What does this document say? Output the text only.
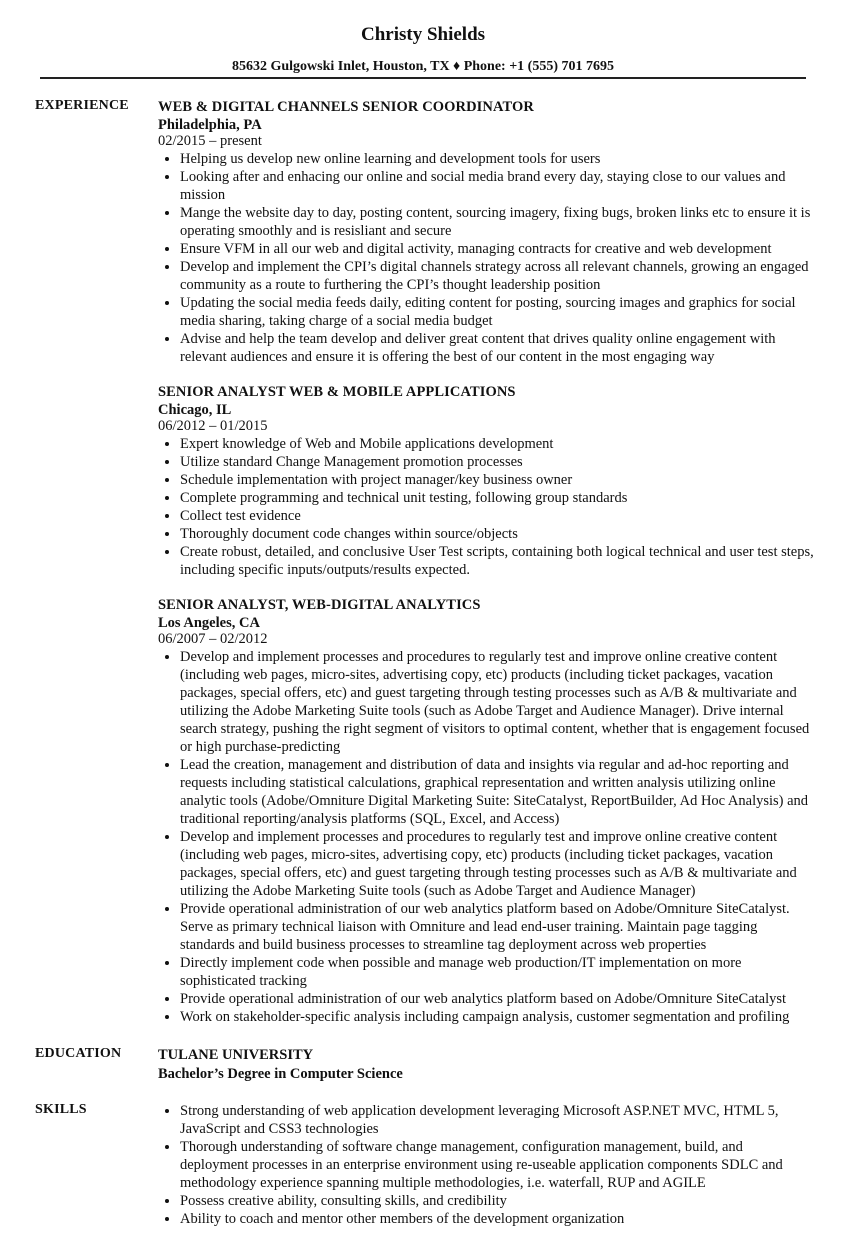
Christy Shields
85632 Gulgowski Inlet, Houston, TX ♦ Phone: +1 (555) 701 7695
EXPERIENCE WEB & DIGITAL CHANNELS SENIOR COORDINATOR
Philadelphia, PA
02/2015 – present
• Helping us develop new online learning and development tools for users
• Looking after and enhacing our online and social media brand every day, staying close to our values and mission
• Mange the website day to day, posting content, sourcing imagery, fixing bugs, broken links etc to ensure it is operating smoothly and is resisliant and secure
• Ensure VFM in all our web and digital activity, managing contracts for creative and web development
• Develop and implement the CPI’s digital channels strategy across all relevant channels, growing an engaged community as a route to furthering the CPI’s thought leadership position
• Updating the social media feeds daily, editing content for posting, sourcing images and graphics for social media sharing, taking charge of a social media budget
• Advise and help the team develop and deliver great content that drives quality online engagement with relevant audiences and ensure it is offering the best of our content in the most engaging way
SENIOR ANALYST WEB & MOBILE APPLICATIONS
Chicago, IL
06/2012 – 01/2015
• Expert knowledge of Web and Mobile applications development
• Utilize standard Change Management promotion processes
• Schedule implementation with project manager/key business owner
• Complete programming and technical unit testing, following group standards
• Collect test evidence
• Thoroughly document code changes within source/objects
• Create robust, detailed, and conclusive User Test scripts, containing both logical technical and user test steps, including specific inputs/outputs/results expected.
SENIOR ANALYST, WEB-DIGITAL ANALYTICS
Los Angeles, CA
06/2007 – 02/2012
• Develop and implement processes and procedures to regularly test and improve online creative content (including web pages, micro-sites, advertising copy, etc) products (including ticket packages, vacation packages, special offers, etc) and guest targeting through testing processes such as A/B & multivariate and utilizing the Adobe Marketing Suite tools (such as Adobe Target and Audience Manager). Drive internal search strategy, pushing the right segment of visitors to optimal content, whether that is engagement focused or high purchase-predicting
• Lead the creation, management and distribution of data and insights via regular and ad-hoc reporting and requests including statistical calculations, graphical representation and written analysis utilizing online analytic tools (Adobe/Omniture Digital Marketing Suite: SiteCatalyst, ReportBuilder, Ad Hoc Analysis) and traditional reporting/analysis platforms (SQL, Excel, and Access)
• Develop and implement processes and procedures to regularly test and improve online creative content (including web pages, micro-sites, advertising copy, etc) products (including ticket packages, vacation packages, special offers, etc) and guest targeting through testing processes such as A/B & multivariate and utilizing the Adobe Marketing Suite tools (such as Adobe Target and Audience Manager)
• Provide operational administration of our web analytics platform based on Adobe/Omniture SiteCatalyst. Serve as primary technical liaison with Omniture and lead end-user training. Maintain page tagging standards and build business processes to streamline tag deployment across web properties
• Directly implement code when possible and manage web production/IT implementation on more sophisticated tracking
• Provide operational administration of our web analytics platform based on Adobe/Omniture SiteCatalyst
• Work on stakeholder-specific analysis including campaign analysis, customer segmentation and profiling
EDUCATION	TULANE UNIVERSITY
Bachelor’s Degree in Computer Science
SKILLS
•	Strong understanding of web application development leveraging Microsoft ASP.NET MVC, HTML 5, JavaScript and CSS3 technologies
• Thorough understanding of software change management, configuration management, build, and deployment processes in an enterprise environment using re-useable application components SDLC and methodology experience spanning multiple methodologies, i.e. waterfall, RUP and AGILE
• Possess creative ability, consulting skills, and credibility
• Ability to coach and mentor other members of the development organization
